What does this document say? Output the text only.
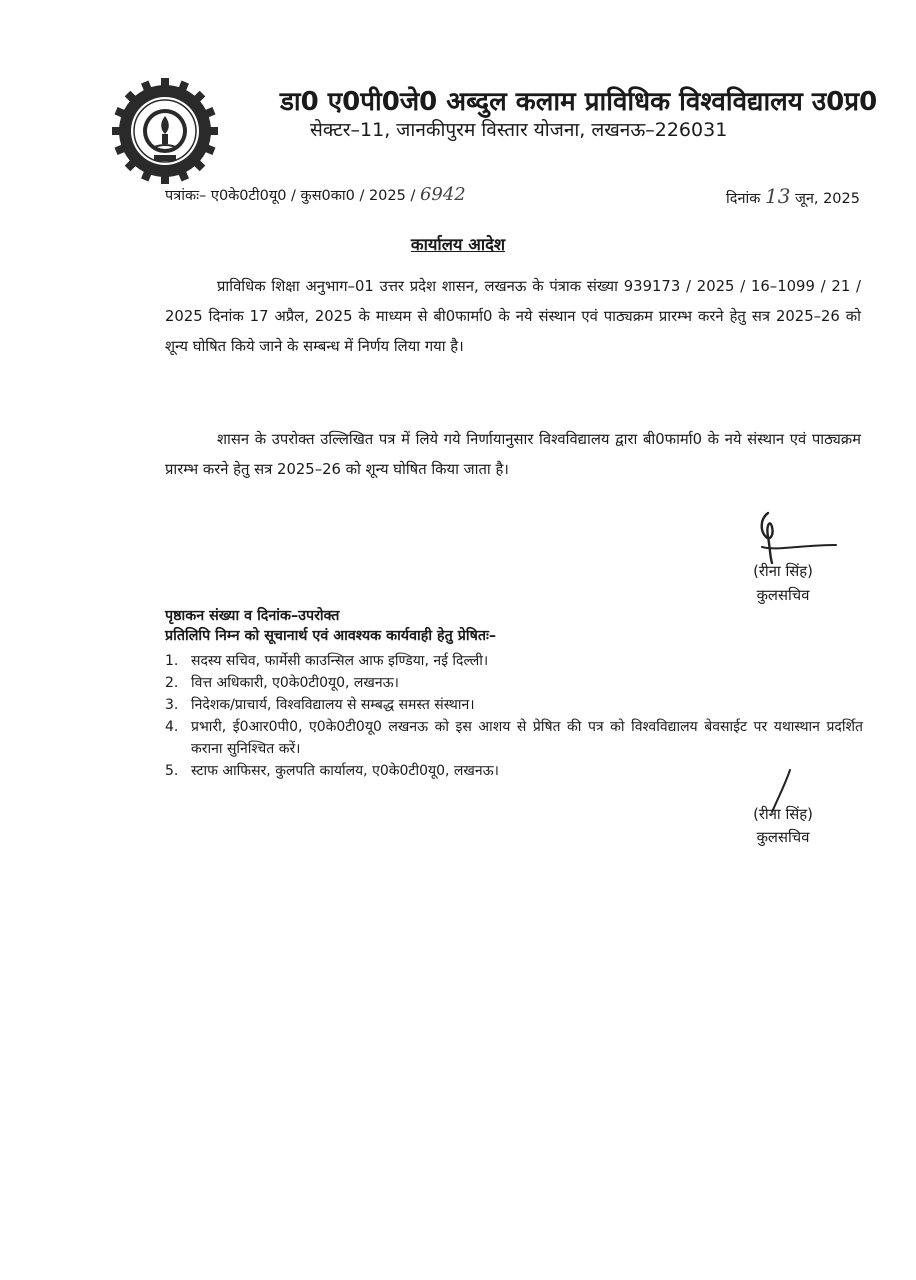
डा0 ए0पी0जे0 अब्दुल कलाम प्राविधिक विश्वविद्यालय उ0प्र0
सेक्टर–11, जानकीपुरम विस्तार योजना, लखनऊ–226031
पत्रांकः– ए0के0टी0यू0 / कुस0का0 / 2025 / 6942	दिनांक 13 जून, 2025
कार्यालय आदेश

प्राविधिक शिक्षा अनुभाग–01 उत्तर प्रदेश शासन, लखनऊ के पंत्राक संख्या 939173 / 2025 / 16–1099 / 21 / 2025 दिनांक 17 अप्रैल, 2025 के माध्यम से बी0फार्मा0 के नये संस्थान एवं पाठ्यक्रम प्रारम्भ करने हेतु सत्र 2025–26 को शून्य घोषित किये जाने के सम्बन्ध में निर्णय लिया गया है।

शासन के उपरोक्त उल्लिखित पत्र में लिये गये निर्णायानुसार विश्वविद्यालय द्वारा बी0फार्मा0 के नये संस्थान एवं पाठ्यक्रम प्रारम्भ करने हेतु सत्र 2025–26 को शून्य घोषित किया जाता है।

(रीना सिंह)
कुलसचिव
पृष्ठाकन संख्या व दिनांक–उपरोक्त
प्रतिलिपि निम्न को सूचानार्थ एवं आवश्यक कार्यवाही हेतु प्रेषितः–
1. सदस्य सचिव, फार्मेसी काउन्सिल आफ इण्डिया, नई दिल्ली।
2. वित्त अधिकारी, ए0के0टी0यू0, लखनऊ।
3. निदेशक/प्राचार्य, विश्वविद्यालय से सम्बद्ध समस्त संस्थान।
4. प्रभारी, ई0आर0पी0, ए0के0टी0यू0 लखनऊ को इस आशय से प्रेषित की पत्र को विश्वविद्यालय बेवसाईट पर यथास्थान प्रदर्शित कराना सुनिश्चित करें।
5. स्टाफ आफिसर, कुलपति कार्यालय, ए0के0टी0यू0, लखनऊ।
(रीना सिंह)
कुलसचिव
